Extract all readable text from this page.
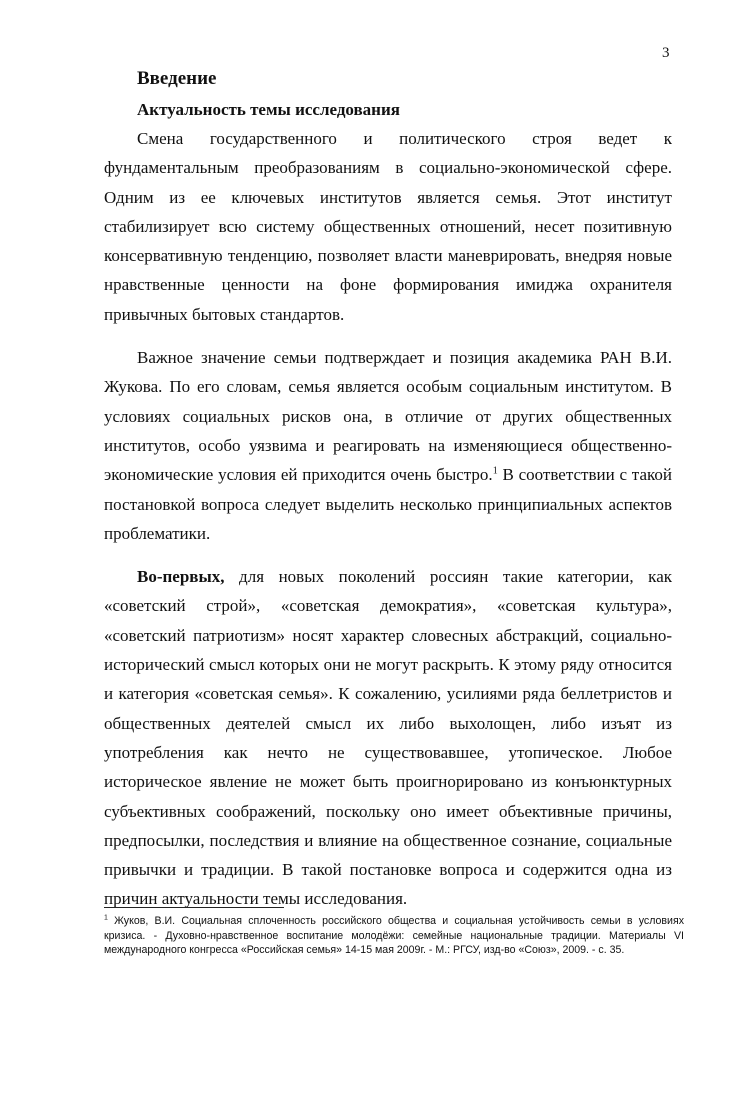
3
Введение
Актуальность темы исследования

Смена государственного и политического строя ведет к фундаментальным преобразованиям в социально-экономической сфере. Одним из ее ключевых институтов является семья. Этот институт стабилизирует всю систему общественных отношений, несет позитивную консервативную тенденцию, позволяет власти маневрировать, внедряя новые нравственные ценности на фоне формирования имиджа охранителя привычных бытовых стандартов.

Важное значение семьи подтверждает и позиция академика РАН В.И. Жукова. По его словам, семья является особым социальным институтом. В условиях социальных рисков она, в отличие от других общественных институтов, особо уязвима и реагировать на изменяющиеся общественно-экономические условия ей приходится очень быстро.$^1$ В соответствии с такой постановкой вопроса следует выделить несколько принципиальных аспектов проблематики.

Во-первых, для новых поколений россиян такие категории, как «советский строй», «советская демократия», «советская культура», «советский патриотизм» носят характер словесных абстракций, социально-исторический смысл которых они не могут раскрыть. К этому ряду относится и категория «советская семья». К сожалению, усилиями ряда беллетристов и общественных деятелей смысл их либо выхолощен, либо изъят из употребления как нечто не существовавшее, утопическое. Любое историческое явление не может быть проигнорировано из конъюнктурных субъективных соображений, поскольку оно имеет объективные причины, предпосылки, последствия и влияние на общественное сознание, социальные привычки и традиции. В такой постановке вопроса и содержится одна из причин актуальности темы исследования.

$^1$ Жуков, В.И. Социальная сплоченность российского общества и социальная устойчивость семьи в условиях кризиса. - Духовно-нравственное воспитание молодёжи: семейные национальные традиции. Материалы VI международного конгресса «Российская семья» 14-15 мая 2009г. - М.: РГСУ, изд-во «Союз», 2009. - с. 35.
